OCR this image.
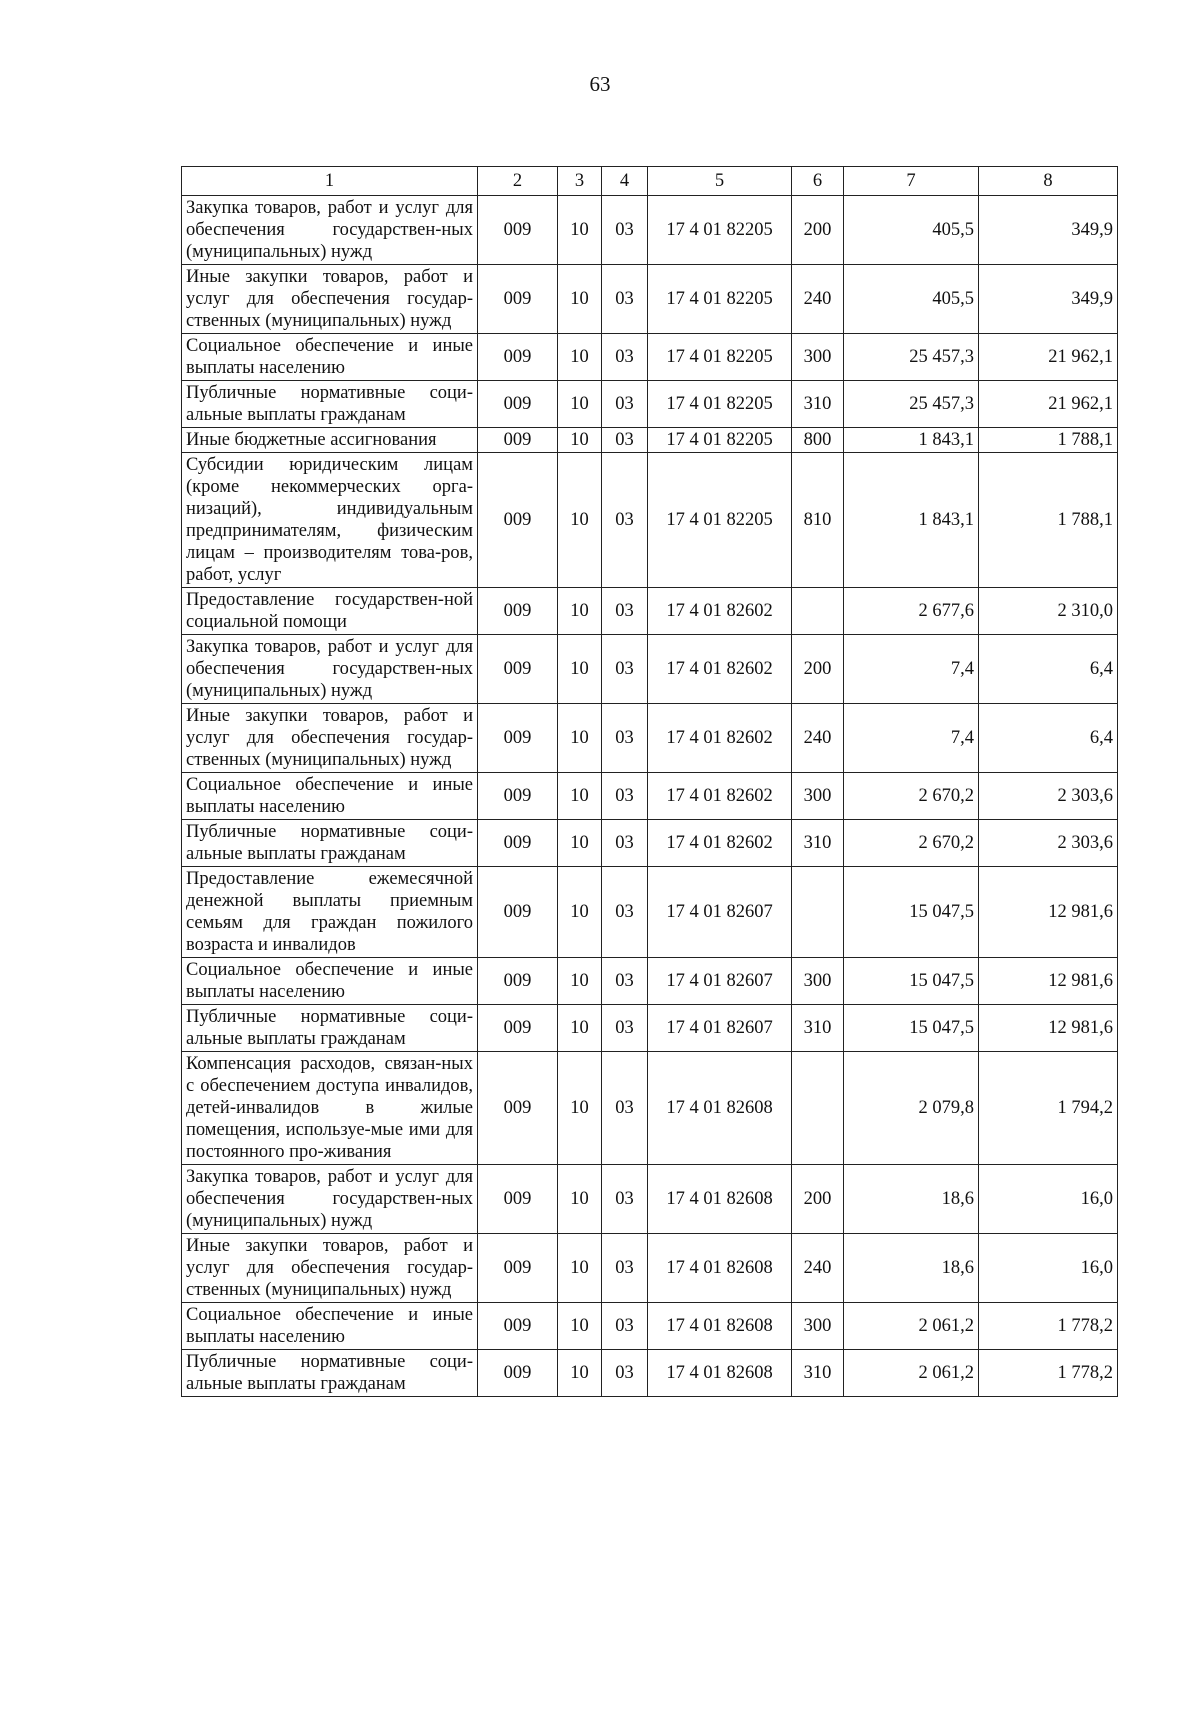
63
1	2	3	4	5	6	7	8
Закупка товаров, работ и услуг для обеспечения государствен-ных (муниципальных) нужд	009	10	03	17 4 01 82205	200	405,5	349,9
Иные закупки товаров, работ и услуг для обеспечения государ-ственных (муниципальных) нужд	009	10	03	17 4 01 82205	240	405,5	349,9
Социальное обеспечение и иные выплаты населению	009	10	03	17 4 01 82205	300	25 457,3	21 962,1
Публичные нормативные соци-альные выплаты гражданам	009	10	03	17 4 01 82205	310	25 457,3	21 962,1
Иные бюджетные ассигнования	009	10	03	17 4 01 82205	800	1 843,1	1 788,1
Субсидии юридическим лицам (кроме некоммерческих орга-низаций), индивидуальным предпринимателям, физическим лицам – производителям това-ров, работ, услуг	009	10	03	17 4 01 82205	810	1 843,1	1 788,1
Предоставление государствен-ной социальной помощи	009	10	03	17 4 01 82602		2 677,6	2 310,0
Закупка товаров, работ и услуг для обеспечения государствен-ных (муниципальных) нужд	009	10	03	17 4 01 82602	200	7,4	6,4
Иные закупки товаров, работ и услуг для обеспечения государ-ственных (муниципальных) нужд	009	10	03	17 4 01 82602	240	7,4	6,4
Социальное обеспечение и иные выплаты населению	009	10	03	17 4 01 82602	300	2 670,2	2 303,6
Публичные нормативные соци-альные выплаты гражданам	009	10	03	17 4 01 82602	310	2 670,2	2 303,6
Предоставление ежемесячной денежной выплаты приемным семьям для граждан пожилого возраста и инвалидов	009	10	03	17 4 01 82607		15 047,5	12 981,6
Социальное обеспечение и иные выплаты населению	009	10	03	17 4 01 82607	300	15 047,5	12 981,6
Публичные нормативные соци-альные выплаты гражданам	009	10	03	17 4 01 82607	310	15 047,5	12 981,6
Компенсация расходов, связан-ных с обеспечением доступа инвалидов, детей-инвалидов в жилые помещения, используе-мые ими для постоянного про-живания	009	10	03	17 4 01 82608		2 079,8	1 794,2
Закупка товаров, работ и услуг для обеспечения государствен-ных (муниципальных) нужд	009	10	03	17 4 01 82608	200	18,6	16,0
Иные закупки товаров, работ и услуг для обеспечения государ-ственных (муниципальных) нужд	009	10	03	17 4 01 82608	240	18,6	16,0
Социальное обеспечение и иные выплаты населению	009	10	03	17 4 01 82608	300	2 061,2	1 778,2
Публичные нормативные соци-альные выплаты гражданам	009	10	03	17 4 01 82608	310	2 061,2	1 778,2
